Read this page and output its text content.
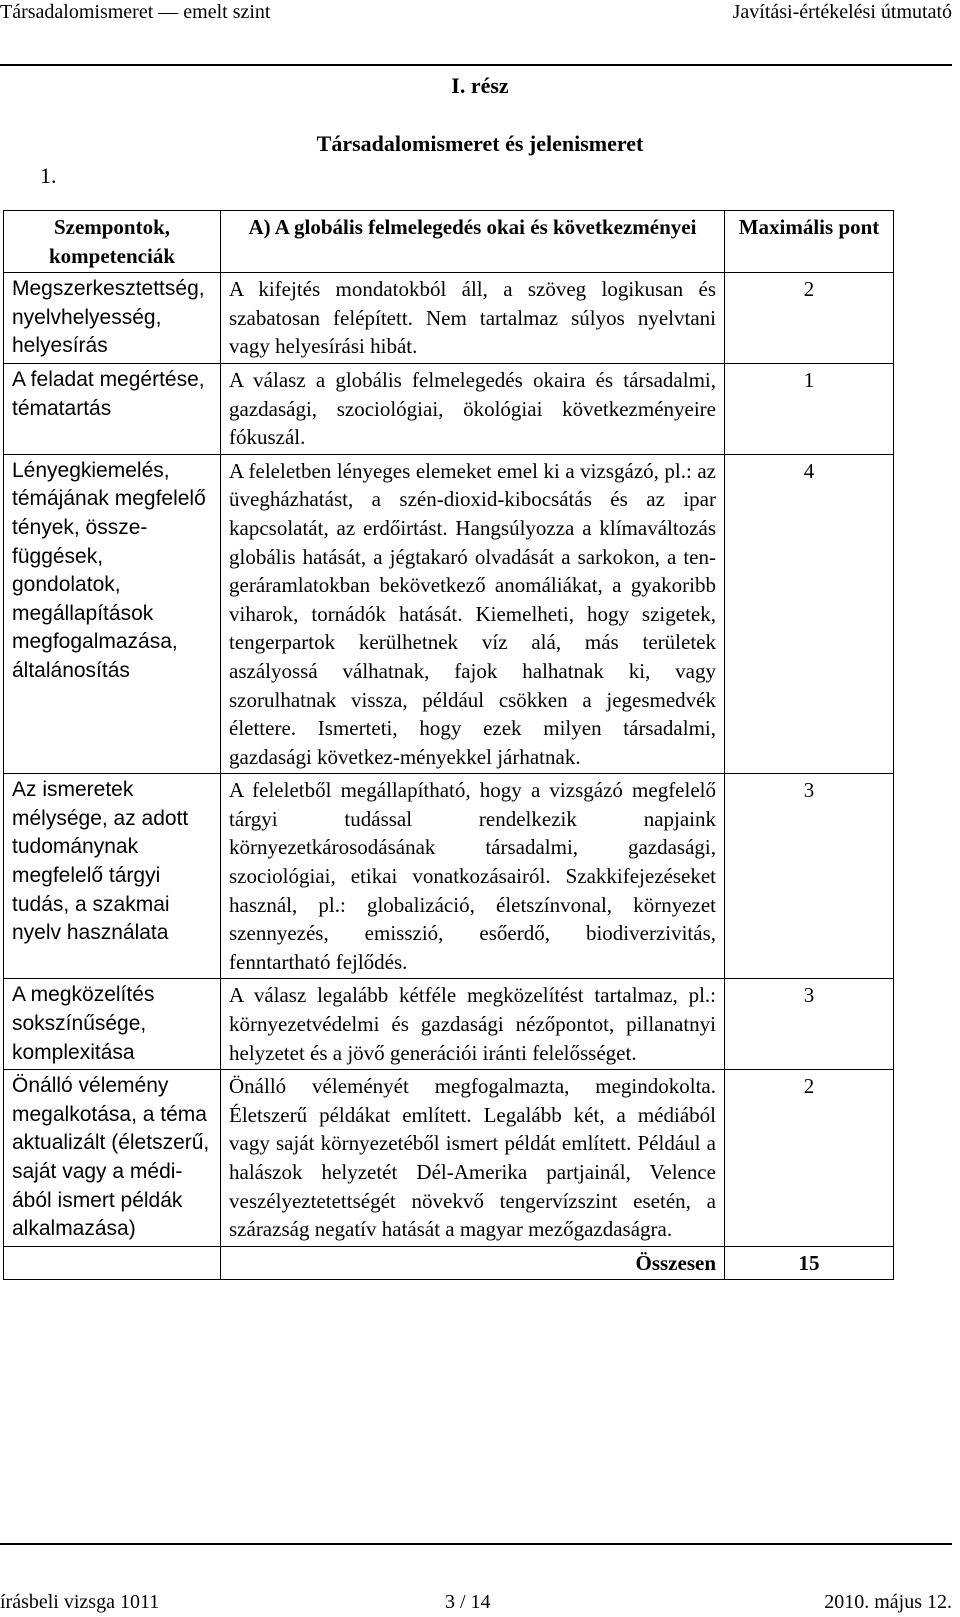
Társadalomismeret — emelt szint	Javítási-értékelési útmutató
I. rész
Társadalomismeret és jelenismeret
1.
Szempontok, kompetenciák	A) A globális felmelegedés okai és következményei	Maximális pont
Megszerkesztettség, nyelvhelyesség, helyesírás	A kifejtés mondatokból áll, a szöveg logikusan és szabatosan felépített. Nem tartalmaz súlyos nyelvtani vagy helyesírási hibát.	2
A feladat megértése, tématartás	A válasz a globális felmelegedés okaira és társadalmi, gazdasági, szociológiai, ökológiai következményeire fókuszál.	1
Lényegkiemelés, témájának megfelelő tények, össze-függések, gondolatok, megállapítások megfogalmazása, általánosítás	A feleletben lényeges elemeket emel ki a vizsgázó, pl.: az üvegházhatást, a szén-dioxid-kibocsátás és az ipar kapcsolatát, az erdőirtást. Hangsúlyozza a klímaváltozás globális hatását, a jégtakaró olvadását a sarkokon, a ten-geráramlatokban bekövetkező anomáliákat, a gyakoribb viharok, tornádók hatását. Kiemelheti, hogy szigetek, tengerpartok kerülhetnek víz alá, más területek aszályossá válhatnak, fajok halhatnak ki, vagy szorulhatnak vissza, például csökken a jegesmedvék élettere. Ismerteti, hogy ezek milyen társadalmi, gazdasági következ-ményekkel járhatnak.	4
Az ismeretek mélysége, az adott tudománynak megfelelő tárgyi tudás, a szakmai nyelv használata	A feleletből megállapítható, hogy a vizsgázó megfelelő tárgyi tudással rendelkezik napjaink környezetkárosodásának társadalmi, gazdasági, szociológiai, etikai vonatkozásairól. Szakkifejezéseket használ, pl.: globalizáció, életszínvonal, környezet szennyezés, emisszió, esőerdő, biodiverzivitás, fenntartható fejlődés.	3
A megközelítés sokszínűsége, komplexitása	A válasz legalább kétféle megközelítést tartalmaz, pl.: környezetvédelmi és gazdasági nézőpontot, pillanatnyi helyzetet és a jövő generációi iránti felelősséget.	3
Önálló vélemény megalkotása, a téma aktualizált (életszerű, saját vagy a médi-ából ismert példák alkalmazása)	Önálló véleményét megfogalmazta, megindokolta. Életszerű példákat említett. Legalább két, a médiából vagy saját környezetéből ismert példát említett. Például a halászok helyzetét Dél-Amerika partjainál, Velence veszélyeztetettségét növekvő tengervízszint esetén, a szárazság negatív hatását a magyar mezőgazdaságra.	2
	Összesen	15
írásbeli vizsga 1011	3 / 14	2010. május 12.
